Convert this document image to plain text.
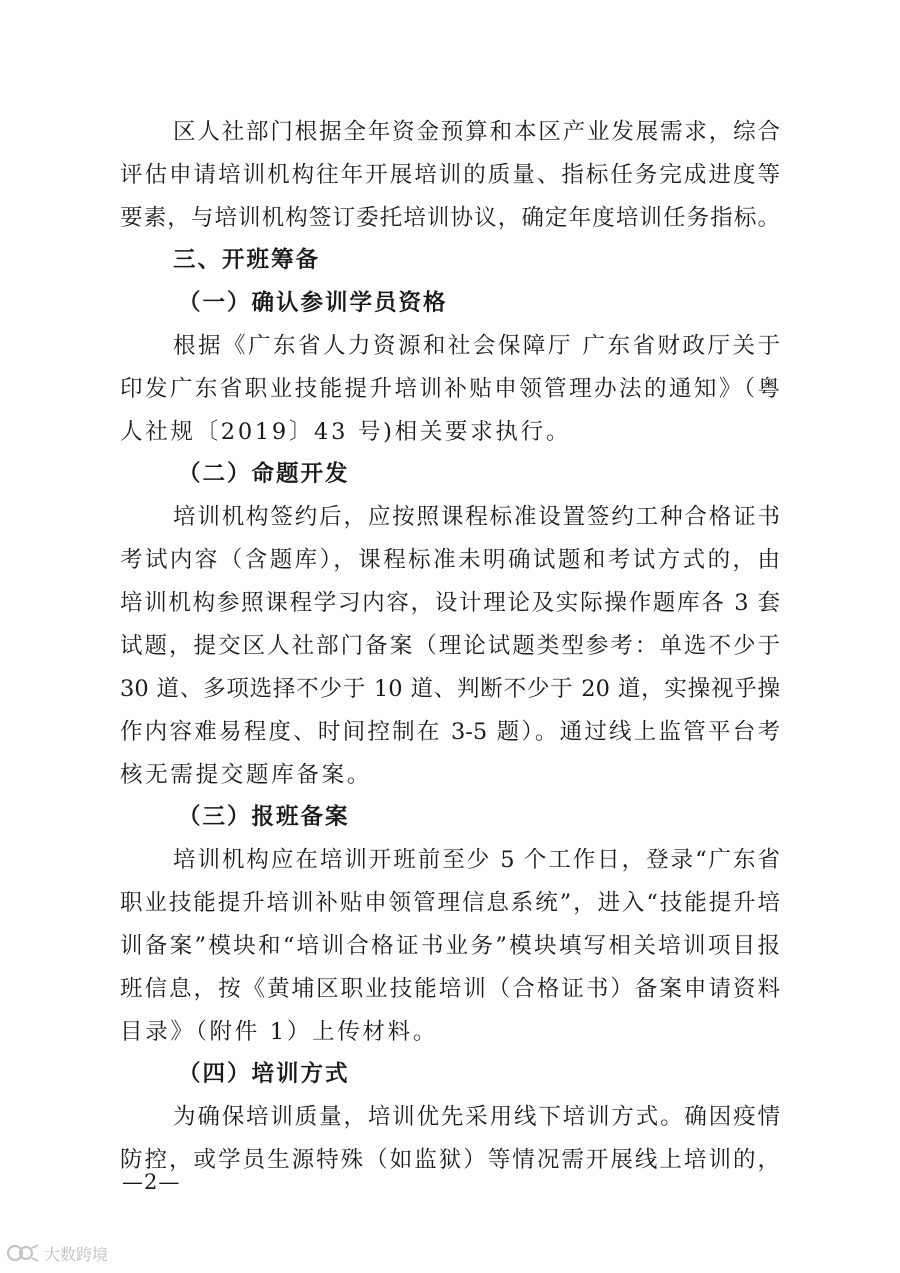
区人社部门根据全年资金预算和本区产业发展需求，综合
评估申请培训机构往年开展培训的质量、指标任务完成进度等
要素，与培训机构签订委托培训协议，确定年度培训任务指标。
三、开班筹备
（一）确认参训学员资格
根据《广东省人力资源和社会保障厅 广东省财政厅关于
印发广东省职业技能提升培训补贴申领管理办法的通知》（粤
人社规〔2019〕43 号)相关要求执行。
（二）命题开发
培训机构签约后，应按照课程标准设置签约工种合格证书
考试内容（含题库），课程标准未明确试题和考试方式的，由
培训机构参照课程学习内容，设计理论及实际操作题库各 3 套
试题，提交区人社部门备案（理论试题类型参考：单选不少于
30 道、多项选择不少于 10 道、判断不少于 20 道，实操视乎操
作内容难易程度、时间控制在 3-5 题）。通过线上监管平台考
核无需提交题库备案。
（三）报班备案
培训机构应在培训开班前至少 5 个工作日，登录“广东省
职业技能提升培训补贴申领管理信息系统”，进入“技能提升培
训备案”模块和“培训合格证书业务”模块填写相关培训项目报
班信息，按《黄埔区职业技能培训（合格证书）备案申请资料
目录》（附件 1）上传材料。
（四）培训方式
为确保培训质量，培训优先采用线下培训方式。确因疫情
防控，或学员生源特殊（如监狱）等情况需开展线上培训的，
—2—
大数跨境
